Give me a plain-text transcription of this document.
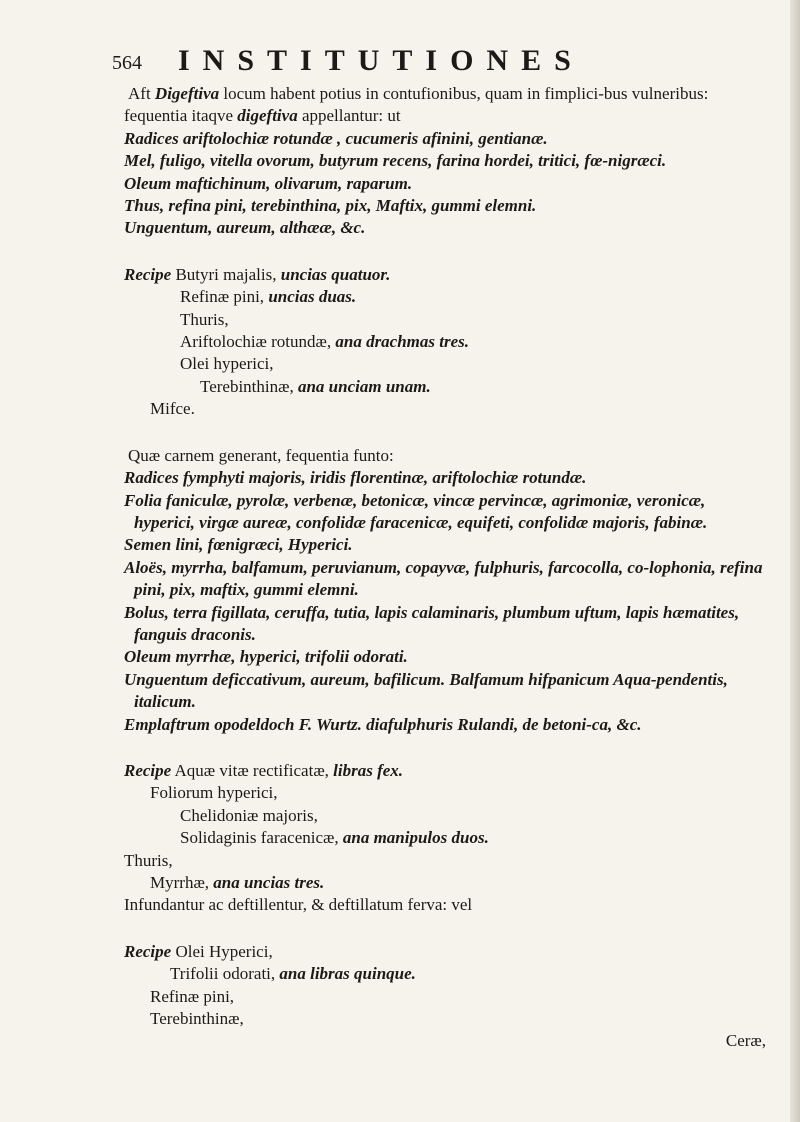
564 INSTITUTIONES

Aft Digeftiva locum habent potius in contufionibus, quam in fimplici-bus vulneribus: fequentia itaqve digeftiva appellantur: ut

Radices ariftolochiæ rotundæ , cucumeris afinini, gentianæ.
Mel, fuligo, vitella ovorum, butyrum recens, farina hordei, tritici, fœ-nigræci.
Oleum maftichinum, olivarum, raparum.
Thus, refina pini, terebinthina, pix, Maftix, gummi elemni.
Unguentum, aureum, althææ, &c.
Recipe Butyri majalis, uncias quatuor.
Refinæ pini, uncias duas.
Thuris,
Ariftolochiæ rotundæ, ana drachmas tres.
Olei hyperici,
Terebinthinæ, ana unciam unam.
Mifce.

Quæ carnem generant, fequentia funto:

Radices fymphyti majoris, iridis florentinæ, ariftolochiæ rotundæ.
Folia faniculæ, pyrolæ, verbenæ, betonicæ, vincæ pervincæ, agrimoniæ, veronicæ, hyperici, virgæ aureæ, confolidæ faracenicæ, equifeti, confolidæ majoris, fabinæ.
Semen lini, fœnigræci, Hyperici.
Aloës, myrrha, balfamum, peruvianum, copayvæ, fulphuris, farcocolla, co-lophonia, refina pini, pix, maftix, gummi elemni.
Bolus, terra figillata, ceruffa, tutia, lapis calaminaris, plumbum uftum, lapis hæmatites, fanguis draconis.
Oleum myrrhæ, hyperici, trifolii odorati.
Unguentum deficcativum, aureum, bafilicum. Balfamum hifpanicum Aqua-pendentis, italicum.
Emplaftrum opodeldoch F. Wurtz. diafulphuris Rulandi, de betoni-ca, &c.
Recipe Aquæ vitæ rectificatæ, libras fex.
Foliorum hyperici,
Chelidoniæ majoris,
Solidaginis faracenicæ, ana manipulos duos.
Thuris,
Myrrhæ, ana uncias tres.
Infundantur ac deftillentur, & deftillatum ferva: vel
Recipe Olei Hyperici,
Trifolii odorati, ana libras quinque.
Refinæ pini,
Terebinthinæ,
Ceræ,
